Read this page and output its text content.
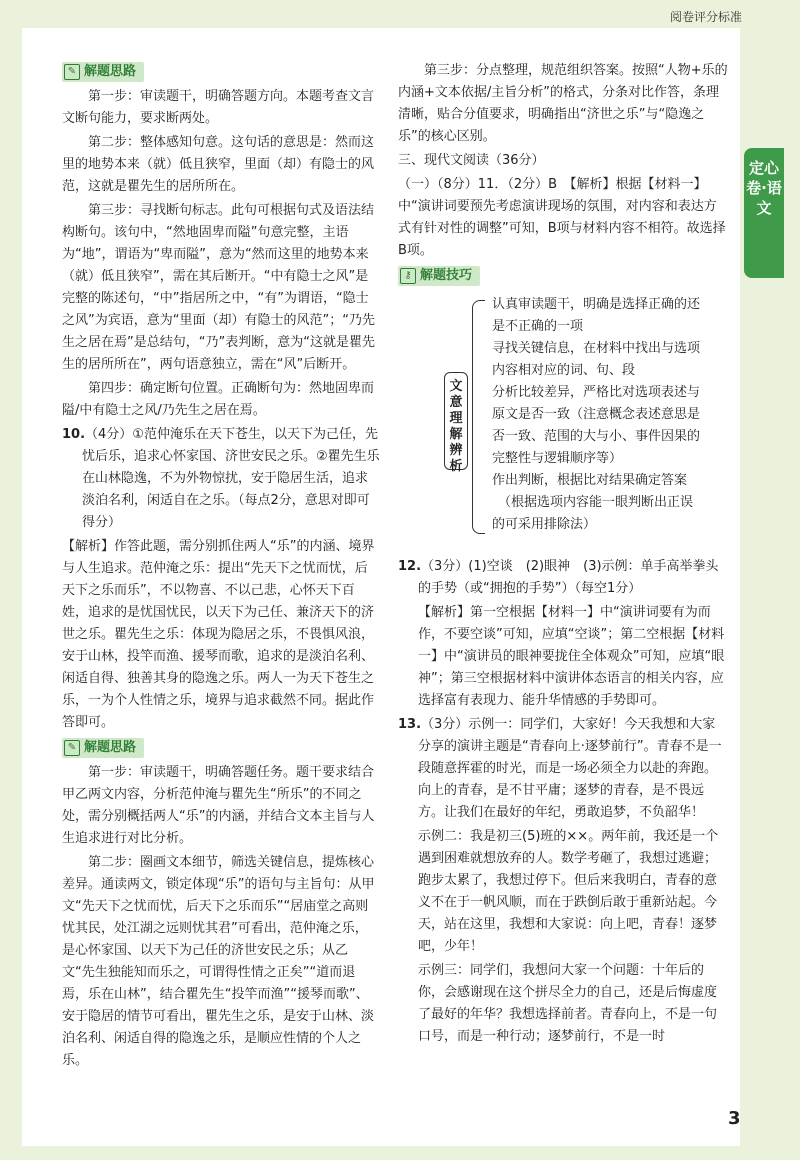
阅卷评分标准
定心卷·语文
✎ 解题思路

第一步：审读题干，明确答题方向。本题考查文言文断句能力，要求断两处。

第二步：整体感知句意。这句话的意思是：然而这里的地势本来（就）低且狭窄，里面（却）有隐士的风范，这就是瞿先生的居所所在。

第三步：寻找断句标志。此句可根据句式及语法结构断句。该句中，“然地固卑而隘”句意完整，主语为“地”，谓语为“卑而隘”，意为“然而这里的地势本来（就）低且狭窄”，需在其后断开。“中有隐士之风”是完整的陈述句，“中”指居所之中，“有”为谓语，“隐士之风”为宾语，意为“里面（却）有隐士的风范”；“乃先生之居在焉”是总结句，“乃”表判断，意为“这就是瞿先生的居所所在”，两句语意独立，需在“风”后断开。

第四步：确定断句位置。正确断句为：然地固卑而隘/中有隐士之风/乃先生之居在焉。

10.（4分）①范仲淹乐在天下苍生，以天下为己任，先忧后乐，追求心怀家国、济世安民之乐。②瞿先生乐在山林隐逸，不为外物惊扰，安于隐居生活，追求淡泊名利，闲适自在之乐。（每点2分，意思对即可得分）

【解析】作答此题，需分别抓住两人“乐”的内涵、境界与人生追求。范仲淹之乐：提出“先天下之忧而忧，后天下之乐而乐”，不以物喜、不以己悲，心怀天下百姓，追求的是忧国忧民，以天下为己任、兼济天下的济世之乐。瞿先生之乐：体现为隐居之乐，不畏惧风浪，安于山林，投竿而渔、援琴而歌，追求的是淡泊名利、闲适自得、独善其身的隐逸之乐。两人一为天下苍生之乐，一为个人性情之乐，境界与追求截然不同。据此作答即可。

✎ 解题思路

第一步：审读题干，明确答题任务。题干要求结合甲乙两文内容，分析范仲淹与瞿先生“所乐”的不同之处，需分别概括两人“乐”的内涵，并结合文本主旨与人生追求进行对比分析。

第二步：圈画文本细节，筛选关键信息，提炼核心差异。通读两文，锁定体现“乐”的语句与主旨句：从甲文“先天下之忧而忧，后天下之乐而乐”“居庙堂之高则忧其民，处江湖之远则忧其君”可看出，范仲淹之乐，是心怀家国、以天下为己任的济世安民之乐；从乙文“先生独能知而乐之，可谓得性情之正矣”“道而退焉，乐在山林”，结合瞿先生“投竿而渔”“援琴而歌”、安于隐居的情节可看出，瞿先生之乐，是安于山林、淡泊名利、闲适自得的隐逸之乐，是顺应性情的个人之乐。

第三步：分点整理，规范组织答案。按照“人物+乐的内涵+文本依据/主旨分析”的格式，分条对比作答，条理清晰，贴合分值要求，明确指出“济世之乐”与“隐逸之乐”的核心区别。

三、现代文阅读（36分）

（一）（8分）11．（2分）B　【解析】根据【材料一】中“演讲词要预先考虑演讲现场的氛围，对内容和表达方式有针对性的调整”可知，B项与材料内容不相符。故选择B项。

⚷ 解题技巧
文意理解辨析
认真审读题干，明确是选择正确的还
是不正确的一项
寻找关键信息，在材料中找出与选项
内容相对应的词、句、段
分析比较差异，严格比对选项表述与
原文是否一致（注意概念表述意思是
否一致、范围的大与小、事件因果的
完整性与逻辑顺序等）
作出判断，根据比对结果确定答案
（根据选项内容能一眼判断出正误
的可采用排除法）

12.（3分）(1)空谈　(2)眼神　(3)示例：单手高举拳头的手势（或“拥抱的手势”）（每空1分）

【解析】第一空根据【材料一】中“演讲词要有为而作，不要空谈”可知，应填“空谈”；第二空根据【材料一】中“演讲员的眼神要拢住全体观众”可知，应填“眼神”；第三空根据材料中演讲体态语言的相关内容，应选择富有表现力、能升华情感的手势即可。

13.（3分）示例一：同学们，大家好！今天我想和大家分享的演讲主题是“青春向上·逐梦前行”。青春不是一段随意挥霍的时光，而是一场必须全力以赴的奔跑。向上的青春，是不甘平庸；逐梦的青春，是不畏远方。让我们在最好的年纪，勇敢追梦，不负韶华！

示例二：我是初三(5)班的××。两年前，我还是一个遇到困难就想放弃的人。数学考砸了，我想过逃避；跑步太累了，我想过停下。但后来我明白，青春的意义不在于一帆风顺，而在于跌倒后敢于重新站起。今天，站在这里，我想和大家说：向上吧，青春！逐梦吧，少年！

示例三：同学们，我想问大家一个问题：十年后的你，会感谢现在这个拼尽全力的自己，还是后悔虚度了最好的年华？我想选择前者。青春向上，不是一句口号，而是一种行动；逐梦前行，不是一时

3
